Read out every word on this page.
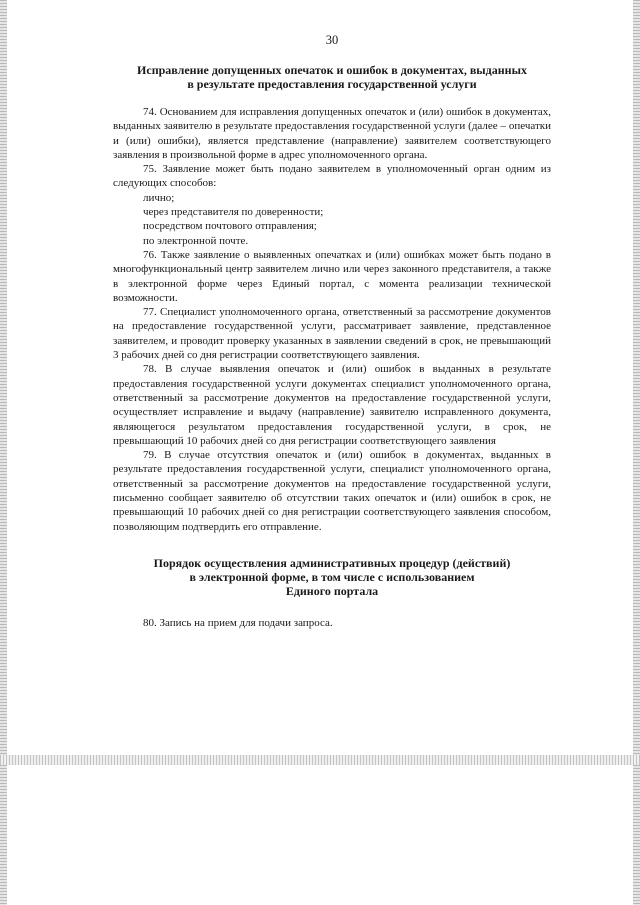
30
Исправление допущенных опечаток и ошибок в документах, выданных
в результате предоставления государственной услуги

74. Основанием для исправления допущенных опечаток и (или) ошибок в документах, выданных заявителю в результате предоставления государственной услуги (далее – опечатки и (или) ошибки), является представление (направление) заявителем соответствующего заявления в произвольной форме в адрес уполномоченного органа.

75. Заявление может быть подано заявителем в уполномоченный орган одним из следующих способов:

лично;

через представителя по доверенности;

посредством почтового отправления;

по электронной почте.

76. Также заявление о выявленных опечатках и (или) ошибках может быть подано в многофункциональный центр заявителем лично или через законного представителя, а также в электронной форме через Единый портал, с момента реализации технической возможности.

77. Специалист уполномоченного органа, ответственный за рассмотрение документов на предоставление государственной услуги, рассматривает заявление, представленное заявителем, и проводит проверку указанных в заявлении сведений в срок, не превышающий 3 рабочих дней со дня регистрации соответствующего заявления.

78. В случае выявления опечаток и (или) ошибок в выданных в результате предоставления государственной услуги документах специалист уполномоченного органа, ответственный за рассмотрение документов на предоставление государственной услуги, осуществляет исправление и выдачу (направление) заявителю исправленного документа, являющегося результатом предоставления государственной услуги, в срок, не превышающий 10 рабочих дней со дня регистрации соответствующего заявления

79. В случае отсутствия опечаток и (или) ошибок в документах, выданных в результате предоставления государственной услуги, специалист уполномоченного органа, ответственный за рассмотрение документов на предоставление государственной услуги, письменно сообщает заявителю об отсутствии таких опечаток и (или) ошибок в срок, не превышающий 10 рабочих дней со дня регистрации соответствующего заявления способом, позволяющим подтвердить его отправление.

Порядок осуществления административных процедур (действий)
в электронной форме, в том числе с использованием
Единого портала

80. Запись на прием для подачи запроса.
